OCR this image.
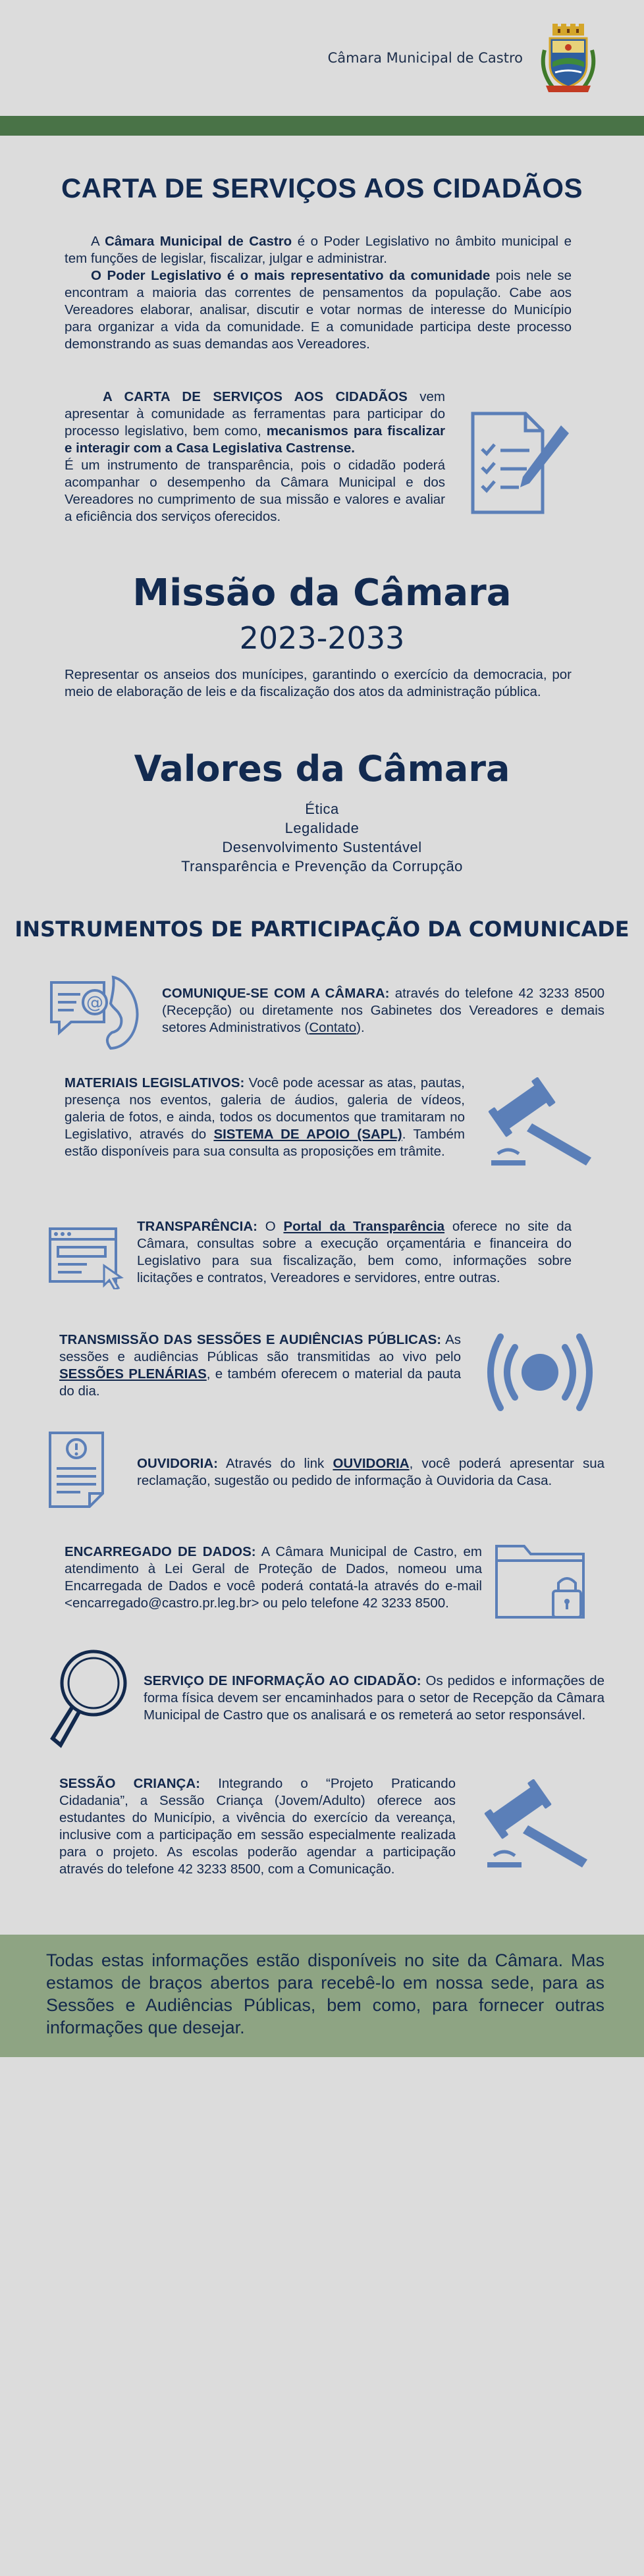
Câmara Municipal de Castro
CARTA DE SERVIÇOS AOS CIDADÃOS
A Câmara Municipal de Castro é o Poder Legislativo no âmbito municipal e tem funções de legislar, fiscalizar, julgar e administrar.
O Poder Legislativo é o mais representativo da comunidade pois nele se encontram a maioria das correntes de pensamentos da população. Cabe aos Vereadores elaborar, analisar, discutir e votar normas de interesse do Município para organizar a vida da comunidade. E a comunidade participa deste processo demonstrando as suas demandas aos Vereadores.
A CARTA DE SERVIÇOS AOS CIDADÃOS vem apresentar à comunidade as ferramentas para participar do processo legislativo, bem como, mecanismos para fiscalizar e interagir com a Casa Legislativa Castrense.
É um instrumento de transparência, pois o cidadão poderá acompanhar o desempenho da Câmara Municipal e dos Vereadores no cumprimento de sua missão e valores e avaliar a eficiência dos serviços oferecidos.
Missão da Câmara
2023-2033
Representar os anseios dos munícipes, garantindo o exercício da democracia, por meio de elaboração de leis e da fiscalização dos atos da administração pública.
Valores da Câmara
Ética
Legalidade
Desenvolvimento Sustentável
Transparência e Prevenção da Corrupção
INSTRUMENTOS DE PARTICIPAÇÃO DA COMUNICADE
@	COMUNIQUE-SE COM A CÂMARA: através do telefone 42 3233 8500 (Recepção) ou diretamente nos Gabinetes dos Vereadores e demais setores Administrativos (Contato).
MATERIAIS LEGISLATIVOS: Você pode acessar as atas, pautas, presença nos eventos, galeria de áudios, galeria de vídeos, galeria de fotos, e ainda, todos os documentos que tramitaram no Legislativo, através do SISTEMA DE APOIO (SAPL). Também estão disponíveis para sua consulta as proposições em trâmite.
TRANSPARÊNCIA: O Portal da Transparência oferece no site da Câmara, consultas sobre a execução orçamentária e financeira do Legislativo para sua fiscalização, bem como, informações sobre licitações e contratos, Vereadores e servidores, entre outras.
TRANSMISSÃO DAS SESSÕES E AUDIÊNCIAS PÚBLICAS: As sessões e audiências Públicas são transmitidas ao vivo pelo SESSÕES PLENÁRIAS, e também oferecem o material da pauta do dia.
OUVIDORIA: Através do link OUVIDORIA, você poderá apresentar sua reclamação, sugestão ou pedido de informação à Ouvidoria da Casa.
ENCARREGADO DE DADOS: A Câmara Municipal de Castro, em atendimento à Lei Geral de Proteção de Dados, nomeou uma Encarregada de Dados e você poderá contatá-la através do e-mail <encarregado@castro.pr.leg.br> ou pelo telefone 42 3233 8500.
SERVIÇO DE INFORMAÇÃO AO CIDADÃO: Os pedidos e informações de forma física devem ser encaminhados para o setor de Recepção da Câmara Municipal de Castro que os analisará e os remeterá ao setor responsável.
SESSÃO CRIANÇA: Integrando o “Projeto Praticando Cidadania”, a Sessão Criança (Jovem/Adulto) oferece aos estudantes do Município, a vivência do exercício da vereança, inclusive com a participação em sessão especialmente realizada para o projeto. As escolas poderão agendar a participação através do telefone 42 3233 8500, com a Comunicação.
Todas estas informações estão disponíveis no site da Câmara. Mas estamos de braços abertos para recebê-lo em nossa sede, para as Sessões e Audiências Públicas, bem como, para fornecer outras informações que desejar.
